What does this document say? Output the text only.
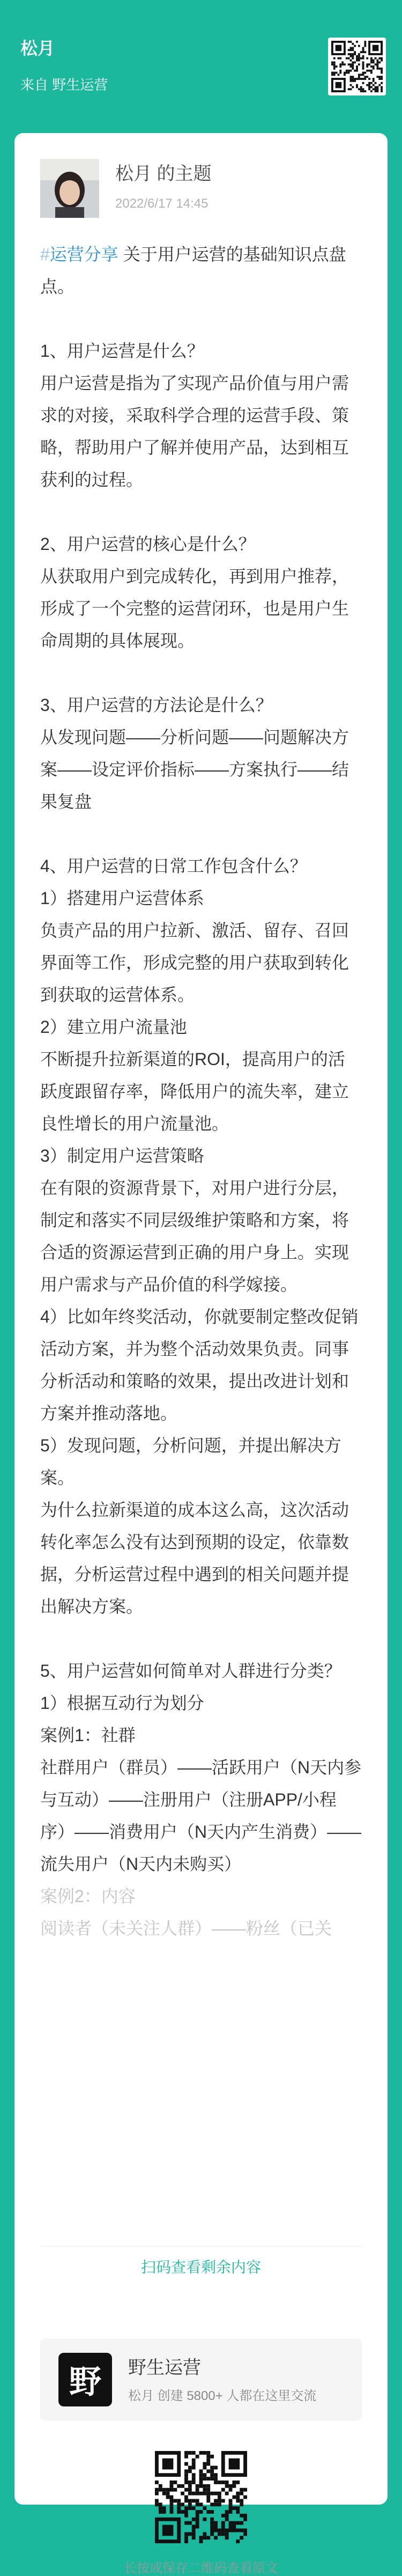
松月
来自 野生运营
松月 的主题
2022/6/17 14:45
#运营分享 关于用户运营的基础知识点盘点。

1、用户运营是什么？
用户运营是指为了实现产品价值与用户需求的对接，采取科学合理的运营手段、策略，帮助用户了解并使用产品，达到相互获利的过程。

2、用户运营的核心是什么？
从获取用户到完成转化，再到用户推荐，形成了一个完整的运营闭环，也是用户生命周期的具体展现。

3、用户运营的方法论是什么？
从发现问题——分析问题——问题解决方案——设定评价指标——方案执行——结果复盘

4、用户运营的日常工作包含什么？
1）搭建用户运营体系
负责产品的用户拉新、激活、留存、召回界面等工作，形成完整的用户获取到转化到获取的运营体系。
2）建立用户流量池
不断提升拉新渠道的ROI，提高用户的活跃度跟留存率，降低用户的流失率，建立良性增长的用户流量池。
3）制定用户运营策略
在有限的资源背景下，对用户进行分层，制定和落实不同层级维护策略和方案，将合适的资源运营到正确的用户身上。实现用户需求与产品价值的科学嫁接。
4）比如年终奖活动，你就要制定整改促销活动方案，并为整个活动效果负责。同事分析活动和策略的效果，提出改进计划和方案并推动落地。
5）发现问题，分析问题，并提出解决方案。
为什么拉新渠道的成本这么高，这次活动转化率怎么没有达到预期的设定，依靠数据，分析运营过程中遇到的相关问题并提出解决方案。

5、用户运营如何简单对人群进行分类？
1）根据互动行为划分
案例1：社群
社群用户（群员）——活跃用户（N天内参与互动）——注册用户（注册APP/小程序）——消费用户（N天内产生消费）——流失用户（N天内未购买）
案例2：内容
阅读者（未关注人群）——粉丝（已关
扫码查看剩余内容
野	野生运营
松月 创建 5800+ 人都在这里交流
长按或保存二维码查看原文
